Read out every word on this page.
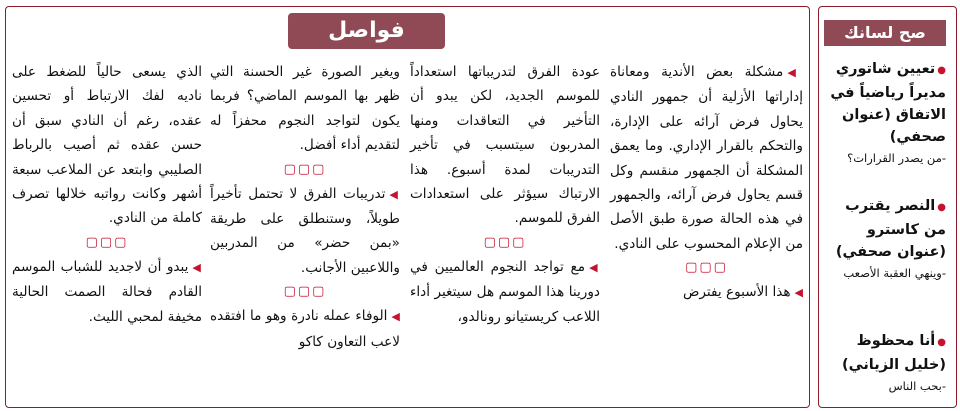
فواصل	صح لسانك

◀مشكلة بعض الأندية ومعاناة إداراتها الأزلية أن جمهور النادي يحاول فرض آرائه على الإدارة، والتحكم بالقرار الإداري. وما يعمق المشكلة أن الجمهور منقسم وكل قسم يحاول فرض آرائه، والجمهور في هذه الحالة صورة طبق الأصل من الإعلام المحسوب على النادي.

▢▢▢

◀هذا الأسبوع يفترض

عودة الفرق لتدريباتها استعداداً للموسم الجديد، لكن يبدو أن التأخير في التعاقدات ومنها المدربون سيتسبب في تأخير التدريبات لمدة أسبوع. هذا الارتباك سيؤثر على استعدادات الفرق للموسم.

▢▢▢

◀مع تواجد النجوم العالميين في دورينا هذا الموسم هل سيتغير أداء اللاعب كريستيانو رونالدو،

ويغير الصورة غير الحسنة التي ظهر بها الموسم الماضي؟ فربما يكون لتواجد النجوم محفزاً له لتقديم أداء أفضل.

▢▢▢

◀تدريبات الفرق لا تحتمل تأخيراً طويلاً، وستنطلق على طريقة «بمن حضر» من المدربين واللاعبين الأجانب.

▢▢▢

◀الوفاء عمله نادرة وهو ما افتقده لاعب التعاون كاكو

الذي يسعى حالياً للضغط على ناديه لفك الارتباط أو تحسين عقده، رغم أن النادي سبق أن حسن عقده ثم أصيب بالرباط الصليبي وابتعد عن الملاعب سبعة أشهر وكانت رواتبه خلالها تصرف كاملة من النادي.

▢▢▢

◀يبدو أن لاجديد للشباب الموسم القادم فحالة الصمت الحالية مخيفة لمحبي الليث.

●تعيين شاتوري مديراً رياضياً في الاتفاق (عنوان صحفي)
-من يصدر القرارات؟
●النصر يقترب من كاسترو (عنوان صحفي)
-وينهي العقبة الأصعب
●أنا محظوظ (خليل الزياني)
-بحب الناس
